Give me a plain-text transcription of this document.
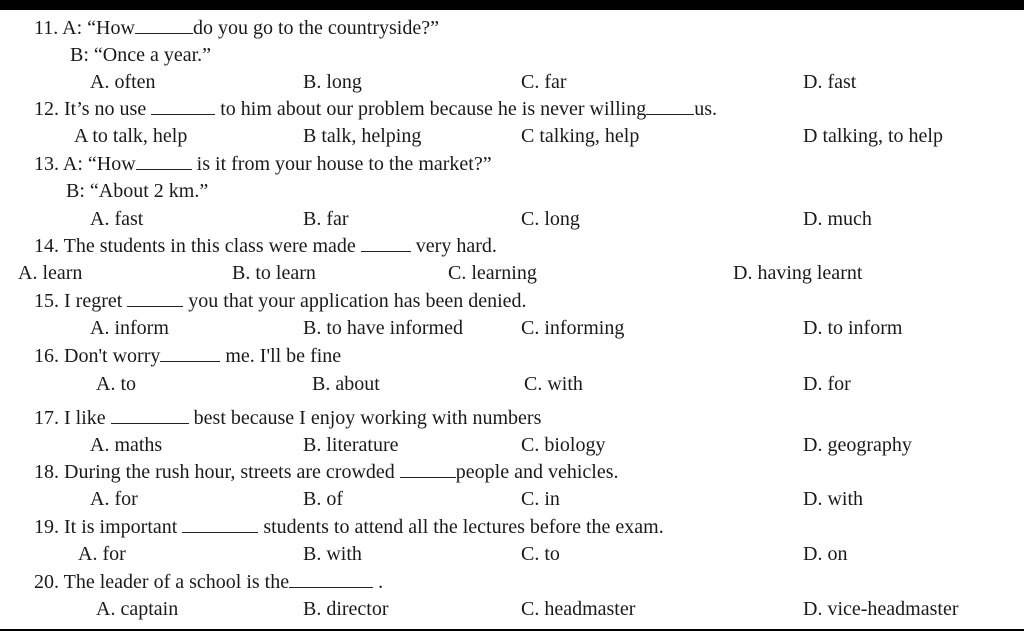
11. A: “How	do you go to the countryside?”
B: “Once a year.”
A. often	B. long	C. far	D. fast
12. It’s no use	to him about our problem because he is never willing us.
A to talk, help	B talk, helping	C talking, help	D talking, to help
13. A: “How	is it from your house to the market?”
B: “About 2 km.”
A. fast	B. far	C. long	D. much
14. The students in this class were made	very hard.
A. learn	B. to learn	C. learning	D. having learnt
15. I regret	you that your application has been denied.
A. inform	B. to have informed	C. informing	D. to inform
16. Don't worry	me. I'll be fine
A. to	B. about	C. with	D. for
17. I like	best because I enjoy working with numbers
A. maths	B. literature	C. biology	D. geography
18. During the rush hour, streets are crowded	people and vehicles.
A. for	B. of	C. in	D. with
19. It is important	students to attend all the lectures before the exam.
A. for	B. with	C. to	D. on
20. The leader of a school is the	.
A. captain	B. director	C. headmaster	D. vice-headmaster
